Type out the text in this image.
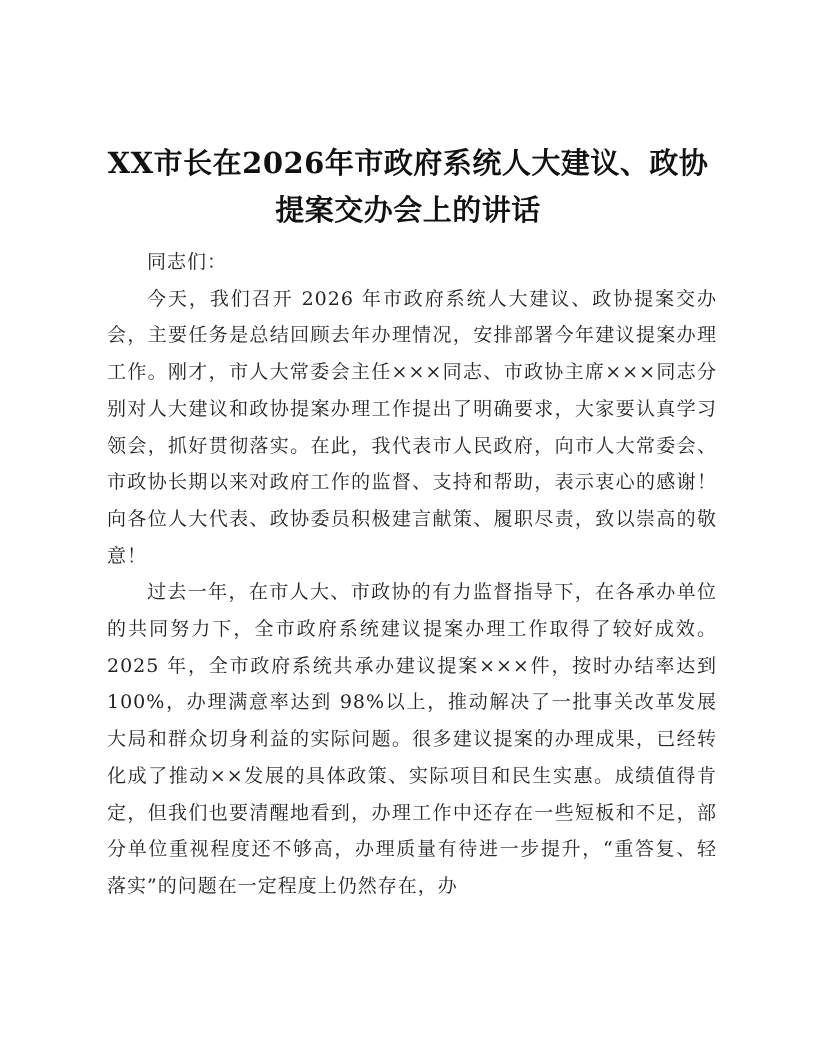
XX市长在2026年市政府系统人大建议、政协
提案交办会上的讲话

同志们：

今天，我们召开 2026 年市政府系统人大建议、政协提案交办会，主要任务是总结回顾去年办理情况，安排部署今年建议提案办理工作。刚才，市人大常委会主任×××同志、市政协主席×××同志分别对人大建议和政协提案办理工作提出了明确要求，大家要认真学习领会，抓好贯彻落实。在此，我代表市人民政府，向市人大常委会、市政协长期以来对政府工作的监督、支持和帮助，表示衷心的感谢！向各位人大代表、政协委员积极建言献策、履职尽责，致以崇高的敬意！

过去一年，在市人大、市政协的有力监督指导下，在各承办单位的共同努力下，全市政府系统建议提案办理工作取得了较好成效。2025 年，全市政府系统共承办建议提案×××件，按时办结率达到 100%，办理满意率达到 98%以上，推动解决了一批事关改革发展大局和群众切身利益的实际问题。很多建议提案的办理成果，已经转化成了推动××发展的具体政策、实际项目和民生实惠。成绩值得肯定，但我们也要清醒地看到，办理工作中还存在一些短板和不足，部分单位重视程度还不够高，办理质量有待进一步提升，“重答复、轻落实”的问题在一定程度上仍然存在，办
